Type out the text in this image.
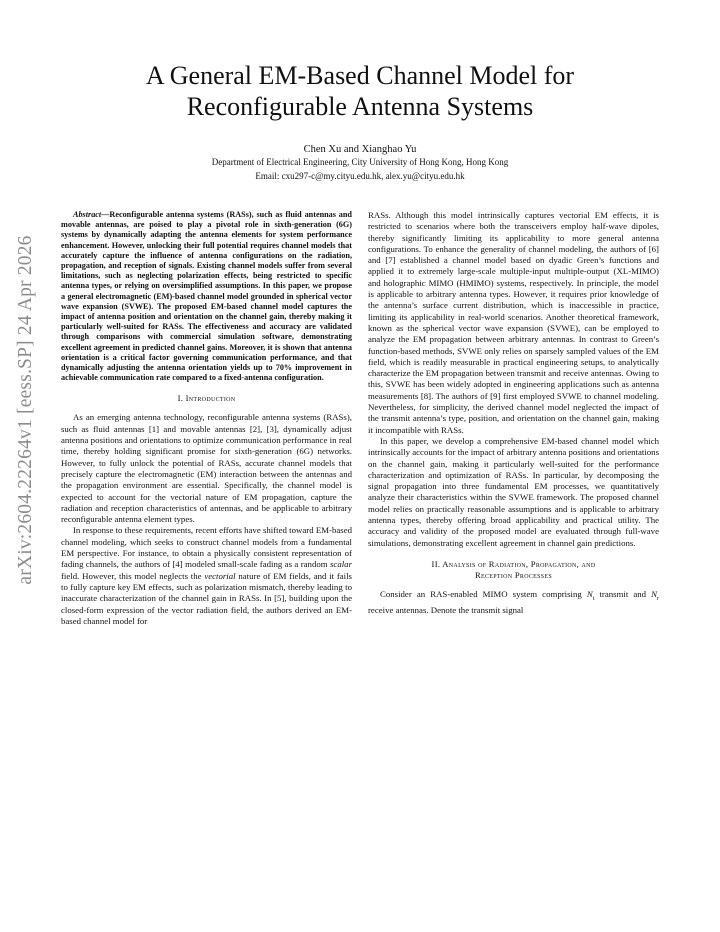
arXiv:2604.22264v1 [eess.SP] 24 Apr 2026
A General EM-Based Channel Model for
Reconfigurable Antenna Systems
Chen Xu and Xianghao Yu
Department of Electrical Engineering, City University of Hong Kong, Hong Kong
Email: cxu297-c@my.cityu.edu.hk, alex.yu@cityu.edu.hk

Abstract—Reconfigurable antenna systems (RASs), such as fluid antennas and movable antennas, are poised to play a pivotal role in sixth-generation (6G) systems by dynamically adapting the antenna elements for system performance enhancement. However, unlocking their full potential requires channel models that accurately capture the influence of antenna configurations on the radiation, propagation, and reception of signals. Existing channel models suffer from several limitations, such as neglecting polarization effects, being restricted to specific antenna types, or relying on oversimplified assumptions. In this paper, we propose a general electromagnetic (EM)-based channel model grounded in spherical vector wave expansion (SVWE). The proposed EM-based channel model captures the impact of antenna position and orientation on the channel gain, thereby making it particularly well-suited for RASs. The effectiveness and accuracy are validated through comparisons with commercial simulation software, demonstrating excellent agreement in predicted channel gains. Moreover, it is shown that antenna orientation is a critical factor governing communication performance, and that dynamically adjusting the antenna orientation yields up to 70% improvement in achievable communication rate compared to a fixed-antenna configuration.

I. Introduction

As an emerging antenna technology, reconfigurable antenna systems (RASs), such as fluid antennas [1] and movable antennas [2], [3], dynamically adjust antenna positions and orientations to optimize communication performance in real time, thereby holding significant promise for sixth-generation (6G) networks. However, to fully unlock the potential of RASs, accurate channel models that precisely capture the electromagnetic (EM) interaction between the antennas and the propagation environment are essential. Specifically, the channel model is expected to account for the vectorial nature of EM propagation, capture the radiation and reception characteristics of antennas, and be applicable to arbitrary reconfigurable antenna element types.

In response to these requirements, recent efforts have shifted toward EM-based channel modeling, which seeks to construct channel models from a fundamental EM perspective. For instance, to obtain a physically consistent representation of fading channels, the authors of [4] modeled small-scale fading as a random scalar field. However, this model neglects the vectorial nature of EM fields, and it fails to fully capture key EM effects, such as polarization mismatch, thereby leading to inaccurate characterization of the channel gain in RASs. In [5], building upon the closed-form expression of the vector radiation field, the authors derived an EM-based channel model for

RASs. Although this model intrinsically captures vectorial EM effects, it is restricted to scenarios where both the transceivers employ half-wave dipoles, thereby significantly limiting its applicability to more general antenna configurations. To enhance the generality of channel modeling, the authors of [6] and [7] established a channel model based on dyadic Green’s functions and applied it to extremely large-scale multiple-input multiple-output (XL-MIMO) and holographic MIMO (HMIMO) systems, respectively. In principle, the model is applicable to arbitrary antenna types. However, it requires prior knowledge of the antenna’s surface current distribution, which is inaccessible in practice, limiting its applicability in real-world scenarios. Another theoretical framework, known as the spherical vector wave expansion (SVWE), can be employed to analyze the EM propagation between arbitrary antennas. In contrast to Green’s function-based methods, SVWE only relies on sparsely sampled values of the EM field, which is readily measurable in practical engineering setups, to analytically characterize the EM propagation between transmit and receive antennas. Owing to this, SVWE has been widely adopted in engineering applications such as antenna measurements [8]. The authors of [9] first employed SVWE to channel modeling. Nevertheless, for simplicity, the derived channel model neglected the impact of the transmit antenna’s type, position, and orientation on the channel gain, making it incompatible with RASs.

In this paper, we develop a comprehensive EM-based channel model which intrinsically accounts for the impact of arbitrary antenna positions and orientations on the channel gain, making it particularly well-suited for the performance characterization and optimization of RASs. In particular, by decomposing the signal propagation into three fundamental EM processes, we quantitatively analyze their characteristics within the SVWE framework. The proposed channel model relies on practically reasonable assumptions and is applicable to arbitrary antenna types, thereby offering broad applicability and practical utility. The accuracy and validity of the proposed model are evaluated through full-wave simulations, demonstrating excellent agreement in channel gain predictions.

II. Analysis of Radiation, Propagation, and
Reception Processes

Consider an RAS-enabled MIMO system comprising $N_t$ transmit and $N_r$ receive antennas. Denote the transmit signal
